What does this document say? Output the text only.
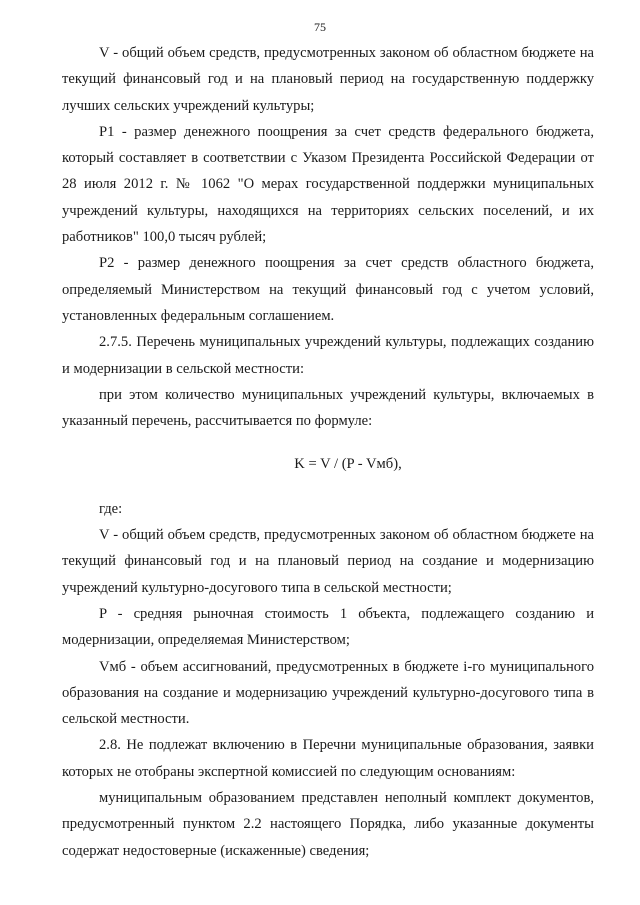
75

V - общий объем средств, предусмотренных законом об областном бюджете на текущий финансовый год и на плановый период на государственную поддержку лучших сельских учреждений культуры;

P1 - размер денежного поощрения за счет средств федерального бюджета, который составляет в соответствии с Указом Президента Российской Федерации от 28 июля 2012 г. № 1062 "О мерах государственной поддержки муниципальных учреждений культуры, находящихся на территориях сельских поселений, и их работников" 100,0 тысяч рублей;

P2 - размер денежного поощрения за счет средств областного бюджета, определяемый Министерством на текущий финансовый год с учетом условий, установленных федеральным соглашением.

2.7.5. Перечень муниципальных учреждений культуры, подлежащих созданию и модернизации в сельской местности:

при этом количество муниципальных учреждений культуры, включаемых в указанный перечень, рассчитывается по формуле:

K = V / (P - Vмб),

где:

V - общий объем средств, предусмотренных законом об областном бюджете на текущий финансовый год и на плановый период на создание и модернизацию учреждений культурно-досугового типа в сельской местности;

P - средняя рыночная стоимость 1 объекта, подлежащего созданию и модернизации, определяемая Министерством;

Vмб - объем ассигнований, предусмотренных в бюджете i-го муниципального образования на создание и модернизацию учреждений культурно-досугового типа в сельской местности.

2.8. Не подлежат включению в Перечни муниципальные образования, заявки которых не отобраны экспертной комиссией по следующим основаниям:

муниципальным образованием представлен неполный комплект документов, предусмотренный пунктом 2.2 настоящего Порядка, либо указанные документы содержат недостоверные (искаженные) сведения;
